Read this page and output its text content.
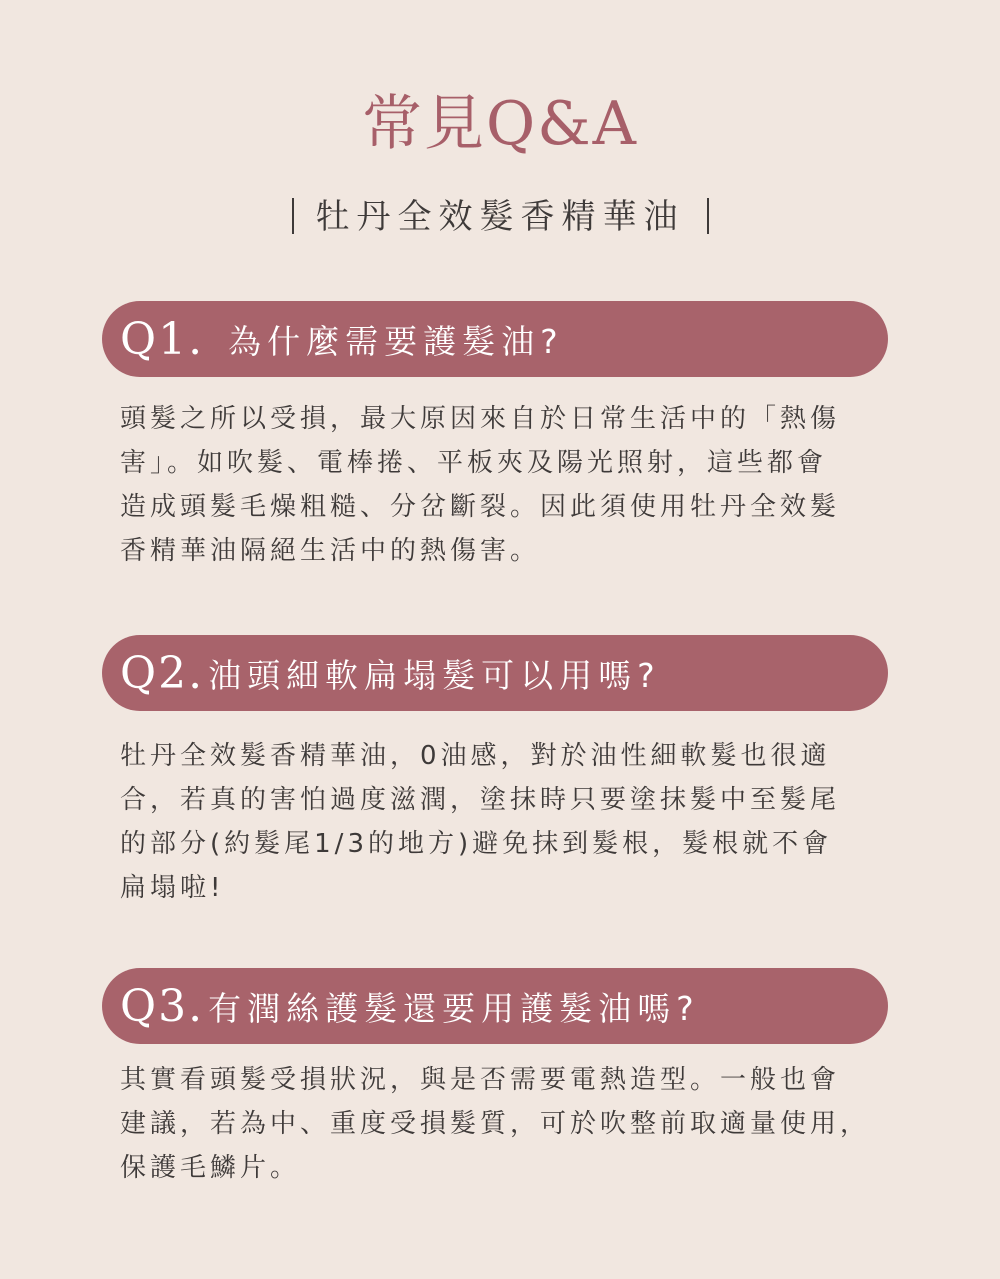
常見Q&A
牡丹全效髮香精華油
Q1. 為什麼需要護髮油?
頭髮之所以受損，最大原因來自於日常生活中的「熱傷
害」。如吹髮、電棒捲、平板夾及陽光照射，這些都會
造成頭髮毛燥粗糙、分岔斷裂。因此須使用牡丹全效髮
香精華油隔絕生活中的熱傷害。
Q2. 油頭細軟扁塌髮可以用嗎?
牡丹全效髮香精華油，0油感，對於油性細軟髮也很適
合，若真的害怕過度滋潤，塗抹時只要塗抹髮中至髮尾
的部分(約髮尾1/3的地方)避免抹到髮根，髮根就不會
扁塌啦!
Q3. 有潤絲護髮還要用護髮油嗎?
其實看頭髮受損狀況，與是否需要電熱造型。一般也會
建議，若為中、重度受損髮質，可於吹整前取適量使用，
保護毛鱗片。
